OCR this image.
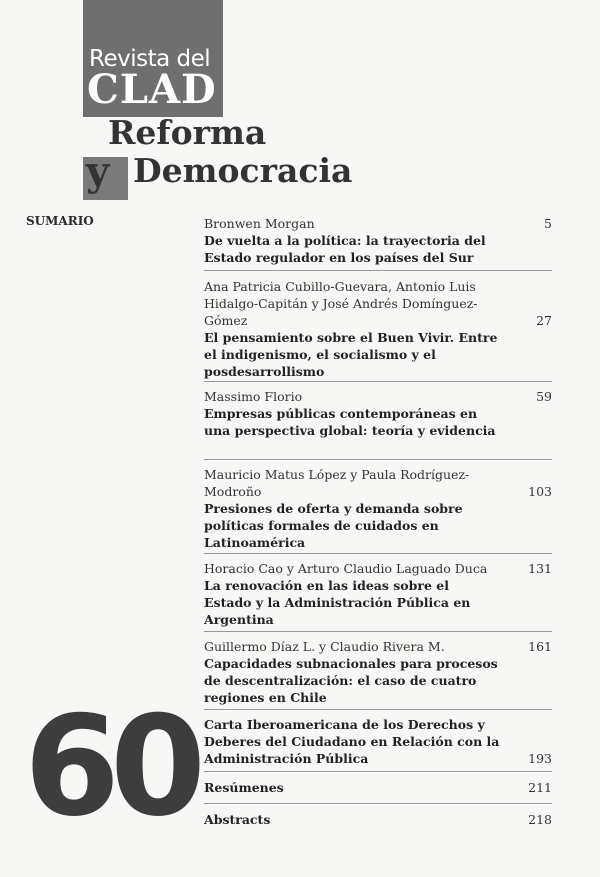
Revista del
CLAD
Reforma
y Democracia
SUMARIO
60
5
Bronwen Morgan
De vuelta a la política: la trayectoria del Estado regulador en los países del Sur
27
Ana Patricia Cubillo-Guevara, Antonio Luis Hidalgo-Capitán y José Andrés Domínguez-Gómez
El pensamiento sobre el Buen Vivir. Entre el indigenismo, el socialismo y el posdesarrollismo
59
Massimo Florio
Empresas públicas contemporáneas en una perspectiva global: teoría y evidencia
103
Mauricio Matus López y Paula Rodríguez-Modroño
Presiones de oferta y demanda sobre políticas formales de cuidados en Latinoamérica
131
Horacio Cao y Arturo Claudio Laguado Duca
La renovación en las ideas sobre el Estado y la Administración Pública en Argentina
161
Guillermo Díaz L. y Claudio Rivera M.
Capacidades subnacionales para procesos de descentralización: el caso de cuatro regiones en Chile
193
Carta Iberoamericana de los Derechos y Deberes del Ciudadano en Relación con la Administración Pública
211
Resúmenes
218
Abstracts
